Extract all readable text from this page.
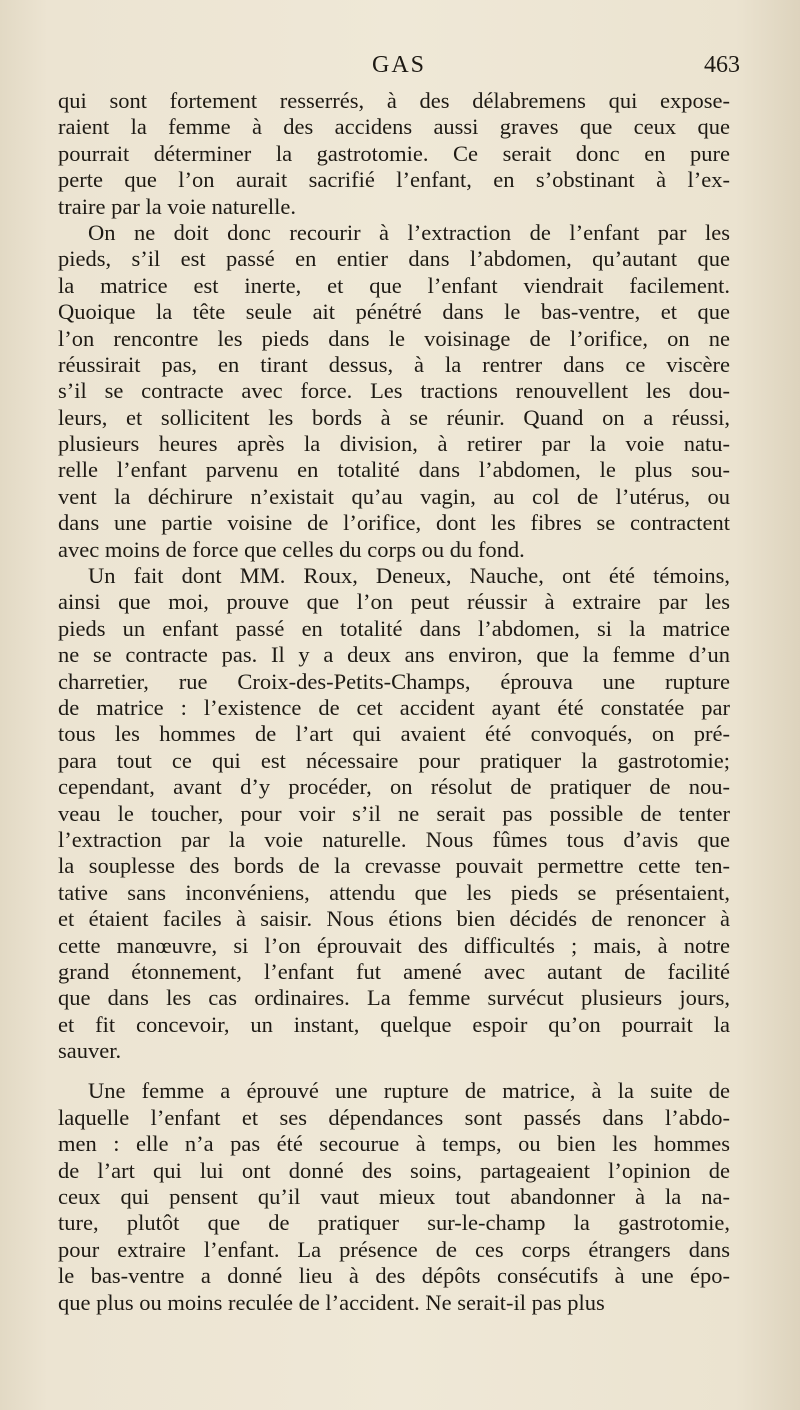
GAS	463
qui sont fortement resserrés, à des délabremens qui expose-
raient la femme à des accidens aussi graves que ceux que
pourrait déterminer la gastrotomie. Ce serait donc en pure
perte que l’on aurait sacrifié l’enfant, en s’obstinant à l’ex-
traire par la voie naturelle.
On ne doit donc recourir à l’extraction de l’enfant par les
pieds, s’il est passé en entier dans l’abdomen, qu’autant que
la matrice est inerte, et que l’enfant viendrait facilement.
Quoique la tête seule ait pénétré dans le bas-ventre, et que
l’on rencontre les pieds dans le voisinage de l’orifice, on ne
réussirait pas, en tirant dessus, à la rentrer dans ce viscère
s’il se contracte avec force. Les tractions renouvellent les dou-
leurs, et sollicitent les bords à se réunir. Quand on a réussi,
plusieurs heures après la division, à retirer par la voie natu-
relle l’enfant parvenu en totalité dans l’abdomen, le plus sou-
vent la déchirure n’existait qu’au vagin, au col de l’utérus, ou
dans une partie voisine de l’orifice, dont les fibres se contractent
avec moins de force que celles du corps ou du fond.
Un fait dont MM. Roux, Deneux, Nauche, ont été témoins,
ainsi que moi, prouve que l’on peut réussir à extraire par les
pieds un enfant passé en totalité dans l’abdomen, si la matrice
ne se contracte pas. Il y a deux ans environ, que la femme d’un
charretier, rue Croix-des-Petits-Champs, éprouva une rupture
de matrice : l’existence de cet accident ayant été constatée par
tous les hommes de l’art qui avaient été convoqués, on pré-
para tout ce qui est nécessaire pour pratiquer la gastrotomie;
cependant, avant d’y procéder, on résolut de pratiquer de nou-
veau le toucher, pour voir s’il ne serait pas possible de tenter
l’extraction par la voie naturelle. Nous fûmes tous d’avis que
la souplesse des bords de la crevasse pouvait permettre cette ten-
tative sans inconvéniens, attendu que les pieds se présentaient,
et étaient faciles à saisir. Nous étions bien décidés de renoncer à
cette manœuvre, si l’on éprouvait des difficultés ; mais, à notre
grand étonnement, l’enfant fut amené avec autant de facilité
que dans les cas ordinaires. La femme survécut plusieurs jours,
et fit concevoir, un instant, quelque espoir qu’on pourrait la
sauver.
Une femme a éprouvé une rupture de matrice, à la suite de
laquelle l’enfant et ses dépendances sont passés dans l’abdo-
men : elle n’a pas été secourue à temps, ou bien les hommes
de l’art qui lui ont donné des soins, partageaient l’opinion de
ceux qui pensent qu’il vaut mieux tout abandonner à la na-
ture, plutôt que de pratiquer sur-le-champ la gastrotomie,
pour extraire l’enfant. La présence de ces corps étrangers dans
le bas-ventre a donné lieu à des dépôts consécutifs à une épo-
que plus ou moins reculée de l’accident. Ne serait-il pas plus
